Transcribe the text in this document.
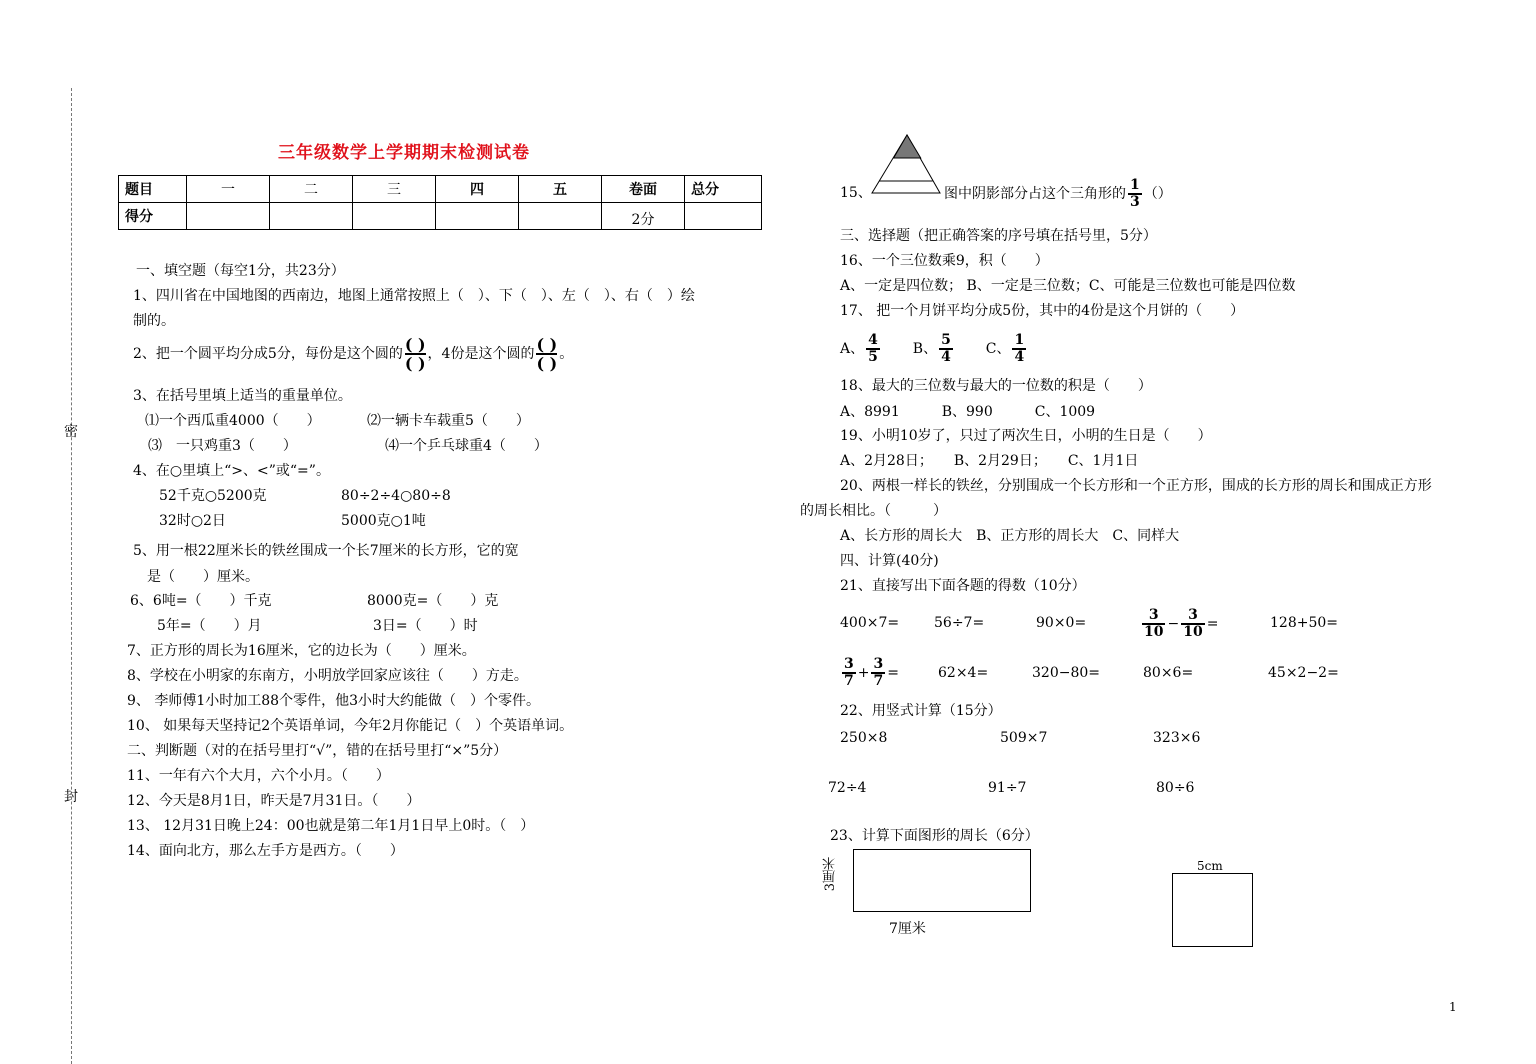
密
封
三年级数学上学期期末检测试卷
题目	一	二	三	四	五	卷面	总分
得分						2分	
一、填空题（每空1分，共23分）
1、四川省在中国地图的西南边，地图上通常按照上（　）、下（　）、左（　）、右（　）绘
制的。
2、把一个圆平均分成5分，每份是这个圆的 $\frac{( )}{( )}$ ，4份是这个圆的 $\frac{( )}{( )}$ 。
3、在括号里填上适当的重量单位。
⑴一个西瓜重4000（　　）	⑵一辆卡车载重5（　　）
⑶　一只鸡重3（　　）	⑷一个乒乓球重4（　　）
4、在○里填上“>、<”或“=”。
52千克○5200克	80÷2÷4○80÷8
32时○2日	5000克○1吨
5、用一根22厘米长的铁丝围成一个长7厘米的长方形，它的宽
是（　　）厘米。
6、6吨=（　　）千克	8000克=（　　）克
5年=（　　）月	3日=（　　）时
7、正方形的周长为16厘米，它的边长为（　　）厘米。
8、学校在小明家的东南方，小明放学回家应该往（　　）方走。
9、 李师傅1小时加工88个零件，他3小时大约能做（　）个零件。
10、 如果每天坚持记2个英语单词，今年2月你能记（　）个英语单词。
二、判断题（对的在括号里打“√”，错的在括号里打“×”5分）
11、一年有六个大月，六个小月。（　　）
12、今天是8月1日，昨天是7月31日。（　　）
13、 12月31日晚上24：00也就是第二年1月1日早上0时。（　）
14、面向北方，那么左手方是西方。（　　）
15、	图中阴影部分占这个三角形的 $\frac{1}{3}$ （）
三、选择题（把正确答案的序号填在括号里，5分）
16、一个三位数乘9，积（　　）
A、一定是四位数； B、一定是三位数；C、可能是三位数也可能是四位数
17、 把一个月饼平均分成5份，其中的4份是这个月饼的（　　）
A、 $\frac{4}{5}$ B、 $\frac{5}{4}$ C、 $\frac{1}{4}$
18、最大的三位数与最大的一位数的积是（　　）
A、8991　　　B、990　　　C、1009
19、小明10岁了，只过了两次生日，小明的生日是（　　）
A、2月28日；　　B、2月29日；　　C、1月1日
20、两根一样长的铁丝，分别围成一个长方形和一个正方形，围成的长方形的周长和围成正方形
的周长相比。（　　　）
A、长方形的周长大　B、正方形的周长大　C、同样大
四、计算(40分)
21、直接写出下面各题的得数（10分）
400×7= 56÷7=	90×0=	$\frac{3}{10} - \frac{3}{10}$ =	128+50=
$\frac{3}{7} + \frac{3}{7}$ =	62×4=	320−80=	80×6=	45×2−2=
22、用竖式计算（15分）
250×8	509×7	323×6
72÷4	91÷7	80÷6
23、计算下面图形的周长（6分）
3厘米
7厘米
5cm
1
